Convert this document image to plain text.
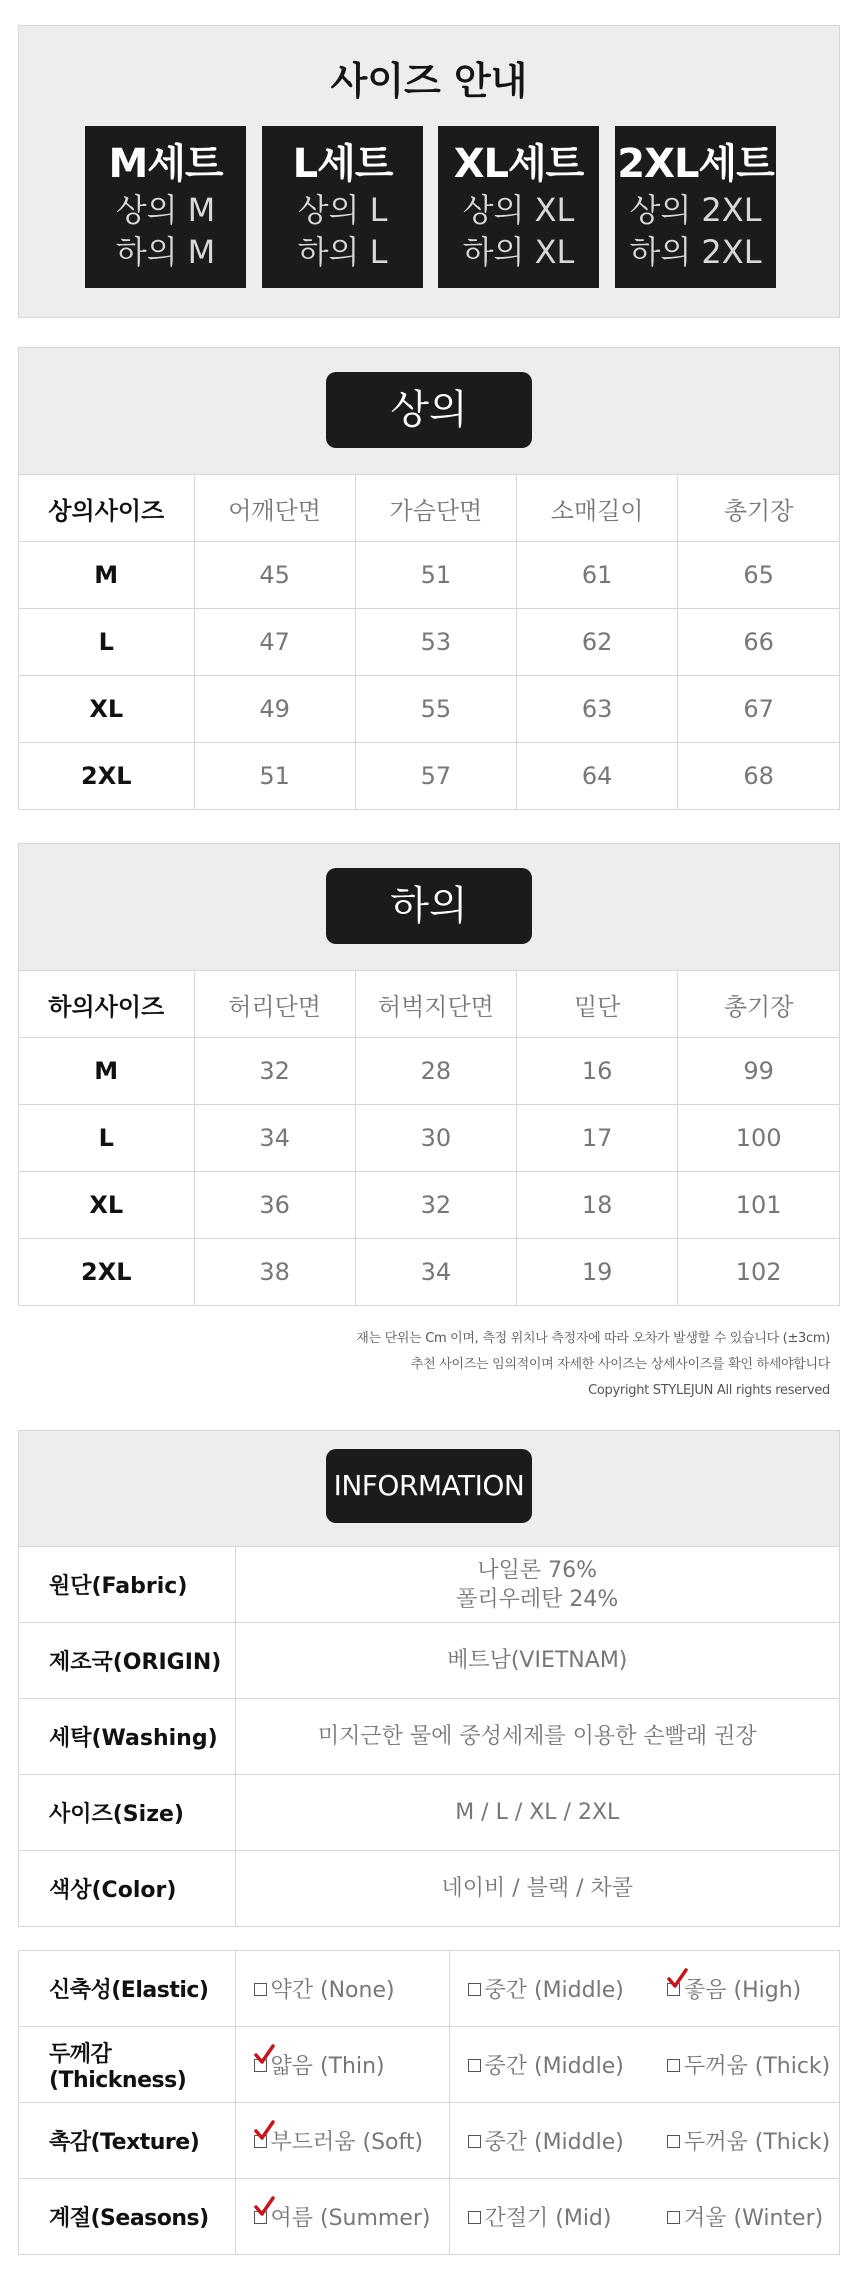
사이즈 안내
M세트
상의 M
하의 M
L세트
상의 L
하의 L
XL세트
상의 XL
하의 XL
2XL세트
상의 2XL
하의 2XL
상의
상의사이즈	어깨단면	가슴단면	소매길이	총기장
M	45	51	61	65
L	47	53	62	66
XL	49	55	63	67
2XL	51	57	64	68
하의
하의사이즈	허리단면	허벅지단면	밑단	총기장
M	32	28	16	99
L	34	30	17	100
XL	36	32	18	101
2XL	38	34	19	102
재는 단위는 Cm 이며, 측정 위치나 측정자에 따라 오차가 발생할 수 있습니다 (±3cm)
추천 사이즈는 임의적이며 자세한 사이즈는 상세사이즈를 확인 하세야합니다
Copyright STYLEJUN All rights reserved
INFORMATION
원단(Fabric)	나일론 76%
폴리우레탄 24%

제조국(ORIGIN)	베트남(VIETNAM)
세탁(Washing)	미지근한 물에 중성세제를 이용한 손빨래 권장
사이즈(Size)	M / L / XL / 2XL
색상(Color)	네이비 / 블랙 / 차콜
신축성(Elastic)	약간 (None)	중간 (Middle)	좋음 (High)
두께감(Thickness)	얇음 (Thin)	중간 (Middle)	두꺼움 (Thick)
촉감(Texture)	부드러움 (Soft)	중간 (Middle)	두꺼움 (Thick)
계절(Seasons)	여름 (Summer)	간절기 (Mid)	겨울 (Winter)
